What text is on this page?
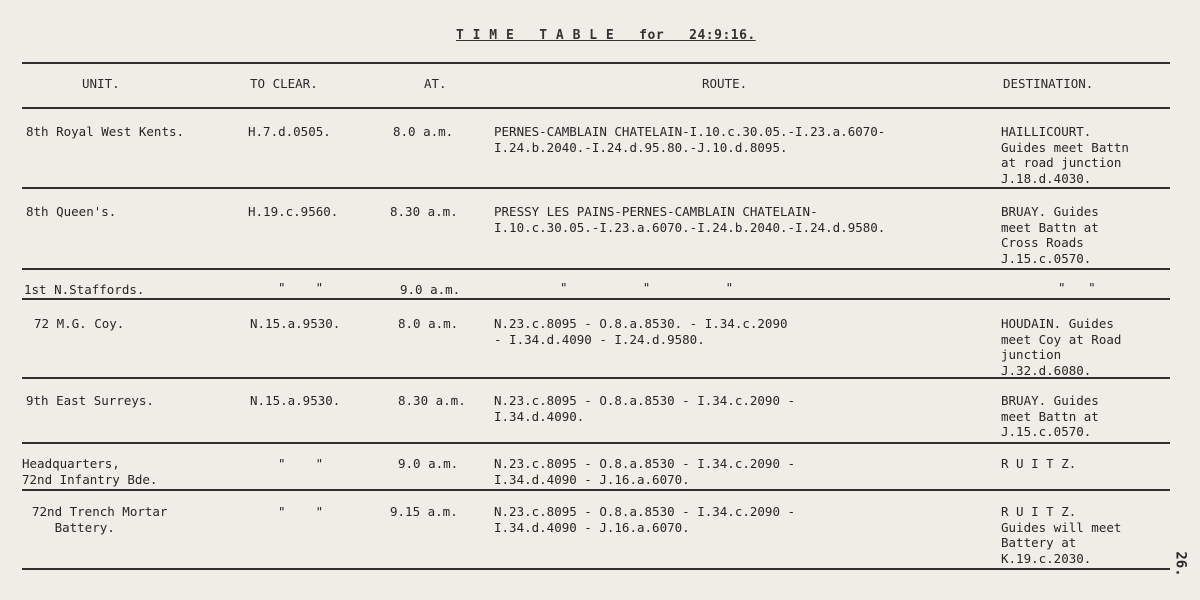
T I M E   T A B L E   for   24:9:16.
UNIT.	TO CLEAR.	AT.	ROUTE.	DESTINATION.
8th Royal West Kents.	H.7.d.0505.	8.0 a.m.	PERNES-CAMBLAIN CHATELAIN-I.10.c.30.05.-I.23.a.6070-
I.24.b.2040.-I.24.d.95.80.-J.10.d.8095.
HAILLICOURT.
Guides meet Battn
at road junction
J.18.d.4030.
8th Queen's.	H.19.c.9560.	8.30 a.m.	PRESSY LES PAINS-PERNES-CAMBLAIN CHATELAIN-
I.10.c.30.05.-I.23.a.6070.-I.24.b.2040.-I.24.d.9580.
BRUAY. Guides
meet Battn at
Cross Roads
J.15.c.0570.
1st N.Staffords.	"    "	9.0 a.m.	"          "          "	"   "
72 M.G. Coy.	N.15.a.9530.	8.0 a.m.	N.23.c.8095 - O.8.a.8530. - I.34.c.2090
- I.34.d.4090 - I.24.d.9580.
HOUDAIN. Guides
meet Coy at Road
junction
J.32.d.6080.
9th East Surreys.	N.15.a.9530.	8.30 a.m. N.23.c.8095 - O.8.a.8530 - I.34.c.2090 -
I.34.d.4090.
BRUAY. Guides
meet Battn at
J.15.c.0570.
Headquarters,
72nd Infantry Bde.
"    "	9.0 a.m.	N.23.c.8095 - O.8.a.8530 - I.34.c.2090 -
I.34.d.4090 - J.16.a.6070.
R U I T Z.
72nd Trench Mortar
Battery.
"    "	9.15 a.m.	N.23.c.8095 - O.8.a.8530 - I.34.c.2090 -
I.34.d.4090 - J.16.a.6070.
R U I T Z.
Guides will meet
Battery at
K.19.c.2030.	26.
